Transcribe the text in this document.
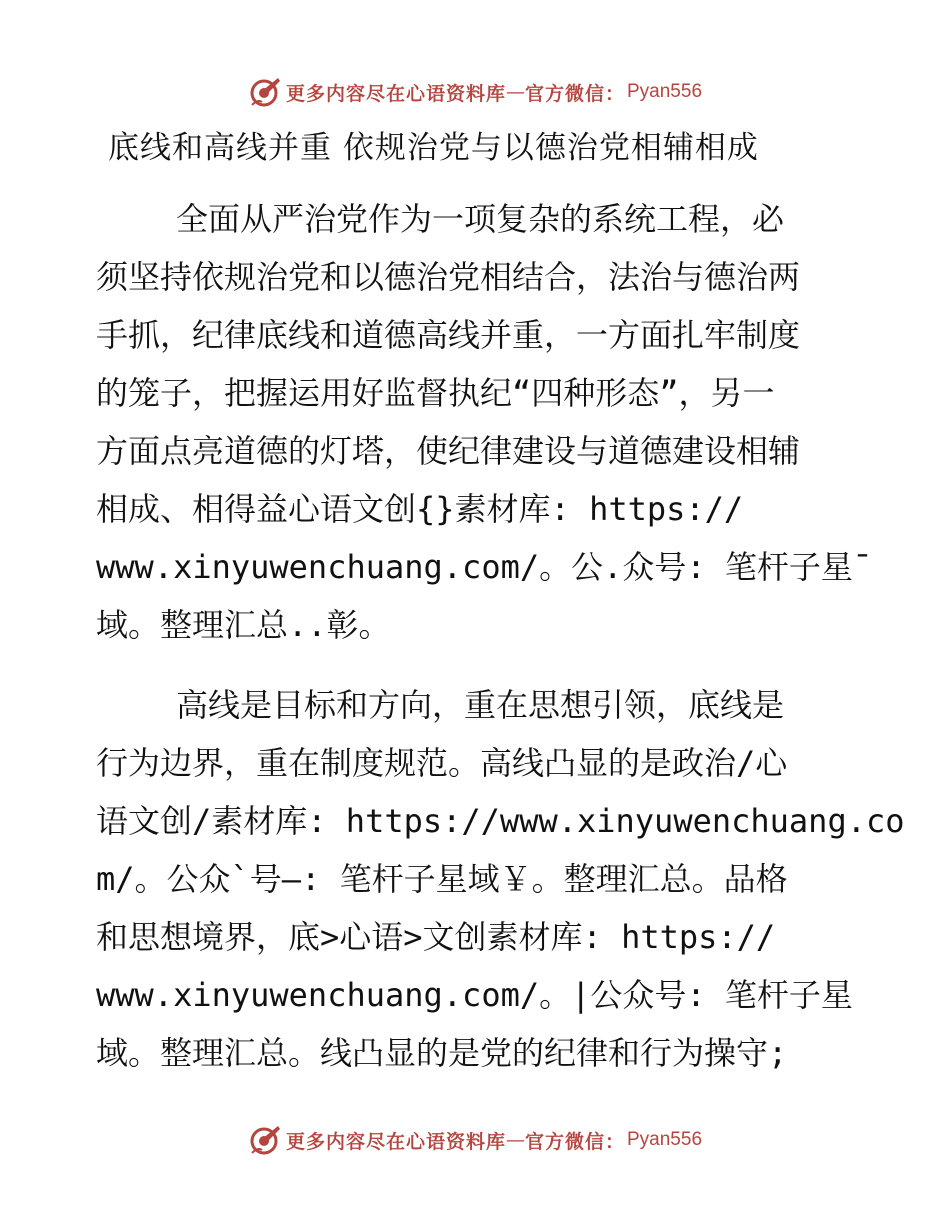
更多内容尽在心语资料库 — 官方微信： Pyan556
底线和高线并重 依规治党与以德治党相辅相成
全面从严治党作为一项复杂的系统工程，必
须坚持依规治党和以德治党相结合，法治与德治两
手抓，纪律底线和道德高线并重，一方面扎牢制度
的笼子，把握运用好监督执纪“四种形态”，另一
方面点亮道德的灯塔，使纪律建设与道德建设相辅
相成、相得益心语文创{}素材库: https://
www.xinyuwenchuang.com/。公.众号: 笔杆子星¯
域。整理汇总..彰。
高线是目标和方向，重在思想引领，底线是
行为边界，重在制度规范。高线凸显的是政治/心
语文创/素材库: https://www.xinyuwenchuang.co
m/。公众`号—: 笔杆子星域￥。整理汇总。品格
和思想境界，底>心语>文创素材库: https://
www.xinyuwenchuang.com/。|公众号: 笔杆子星
域。整理汇总。线凸显的是党的纪律和行为操守;
更多内容尽在心语资料库 — 官方微信： Pyan556
